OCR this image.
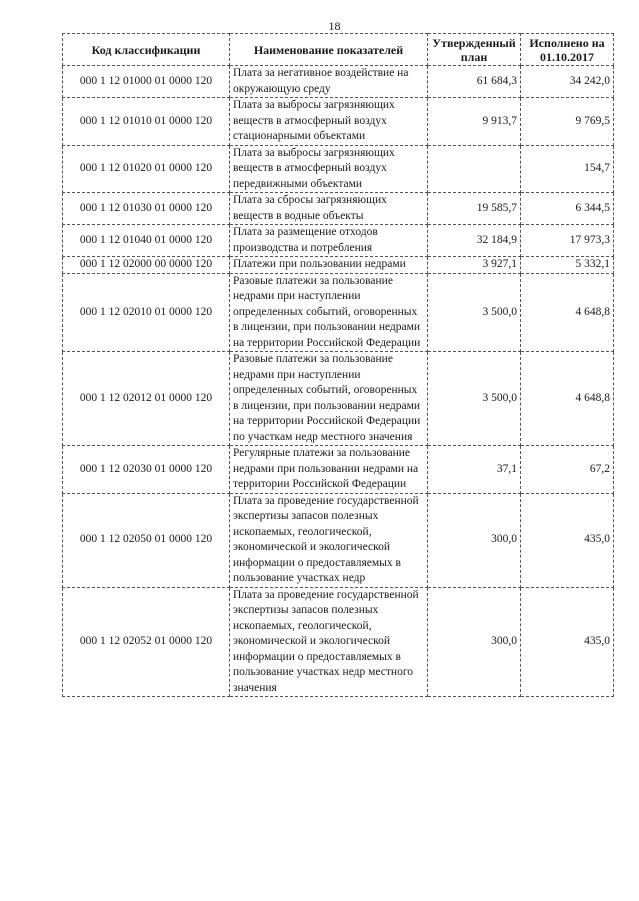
18
Код классификации	Наименование показателей	Утвержденный план	Исполнено на 01.10.2017
000 1 12 01000 01 0000 120	Плата за негативное воздействие на окружающую среду	61 684,3	34 242,0
000 1 12 01010 01 0000 120	Плата за выбросы загрязняющих веществ в атмосферный воздух стационарными объектами	9 913,7	9 769,5
000 1 12 01020 01 0000 120	Плата за выбросы загрязняющих веществ в атмосферный воздух передвижными объектами		154,7
000 1 12 01030 01 0000 120	Плата за сбросы загрязняющих веществ в водные объекты	19 585,7	6 344,5
000 1 12 01040 01 0000 120	Плата за размещение отходов производства и потребления	32 184,9	17 973,3
000 1 12 02000 00 0000 120	Платежи при пользовании недрами	3 927,1	5 332,1
000 1 12 02010 01 0000 120	Разовые платежи за пользование недрами при наступлении определенных событий, оговоренных в лицензии, при пользовании недрами на территории Российской Федерации	3 500,0	4 648,8
000 1 12 02012 01 0000 120	Разовые платежи за пользование недрами при наступлении определенных событий, оговоренных в лицензии, при пользовании недрами на территории Российской Федерации по участкам недр местного значения	3 500,0	4 648,8
000 1 12 02030 01 0000 120	Регулярные платежи за пользование недрами при пользовании недрами на территории Российской Федерации	37,1	67,2
000 1 12 02050 01 0000 120	Плата за проведение государственной экспертизы запасов полезных ископаемых, геологической, экономической и экологической информации о предоставляемых в пользование участках недр	300,0	435,0
000 1 12 02052 01 0000 120	Плата за проведение государственной экспертизы запасов полезных ископаемых, геологической, экономической и экологической информации о предоставляемых в пользование участках недр местного значения	300,0	435,0
